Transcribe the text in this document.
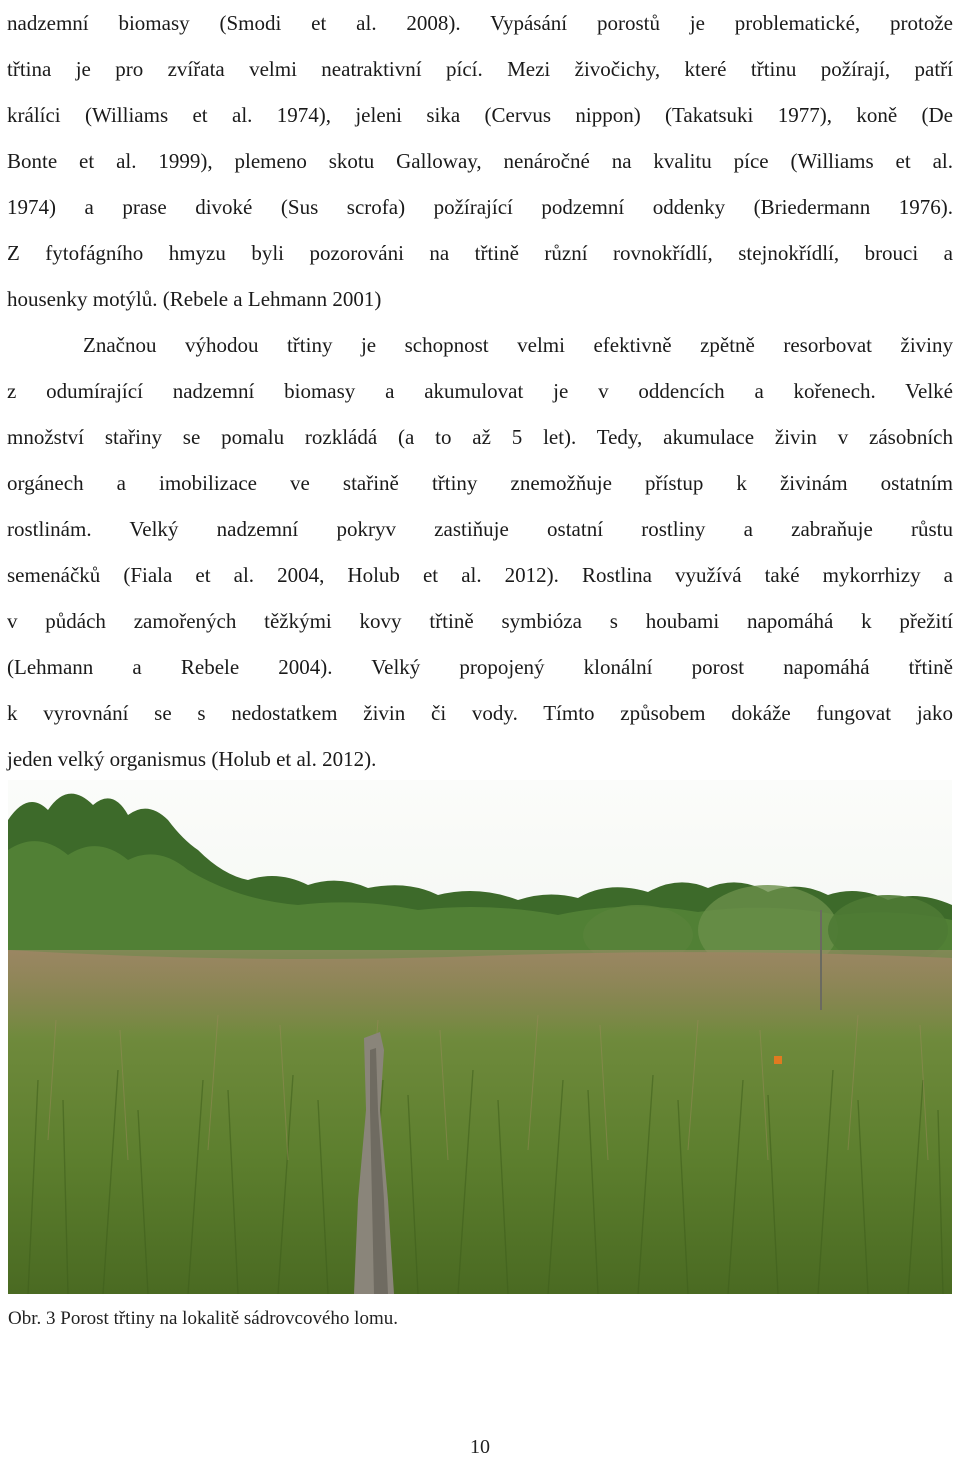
nadzemní biomasy (Smodi et al. 2008). Vypásání porostů je problematické, protože
třtina je pro zvířata velmi neatraktivní pící. Mezi živočichy, které třtinu požírají, patří
králíci (Williams et al. 1974), jeleni sika (Cervus nippon) (Takatsuki 1977), koně (De
Bonte et al. 1999), plemeno skotu Galloway, nenáročné na kvalitu píce (Williams et al.
1974) a prase divoké (Sus scrofa) požírající podzemní oddenky (Briedermann 1976).
Z fytofágního hmyzu byli pozorováni na třtině různí rovnokřídlí, stejnokřídlí, brouci a
housenky motýlů. (Rebele a Lehmann 2001)
Značnou výhodou třtiny je schopnost velmi efektivně zpětně resorbovat živiny
z odumírající nadzemní biomasy a akumulovat je v oddencích a kořenech. Velké
množství stařiny se pomalu rozkládá (a to až 5 let). Tedy, akumulace živin v zásobních
orgánech a imobilizace ve stařině třtiny znemožňuje přístup k živinám ostatním
rostlinám. Velký nadzemní pokryv zastiňuje ostatní rostliny a zabraňuje růstu
semenáčků (Fiala et al. 2004, Holub et al. 2012). Rostlina využívá také mykorrhizy a
v půdách zamořených těžkými kovy třtině symbióza s houbami napomáhá k přežití
(Lehmann a Rebele 2004). Velký propojený klonální porost napomáhá třtině
k vyrovnání se s nedostatkem živin či vody. Tímto způsobem dokáže fungovat jako
jeden velký organismus (Holub et al. 2012).
Obr. 3 Porost třtiny na lokalitě sádrovcového lomu.
10
